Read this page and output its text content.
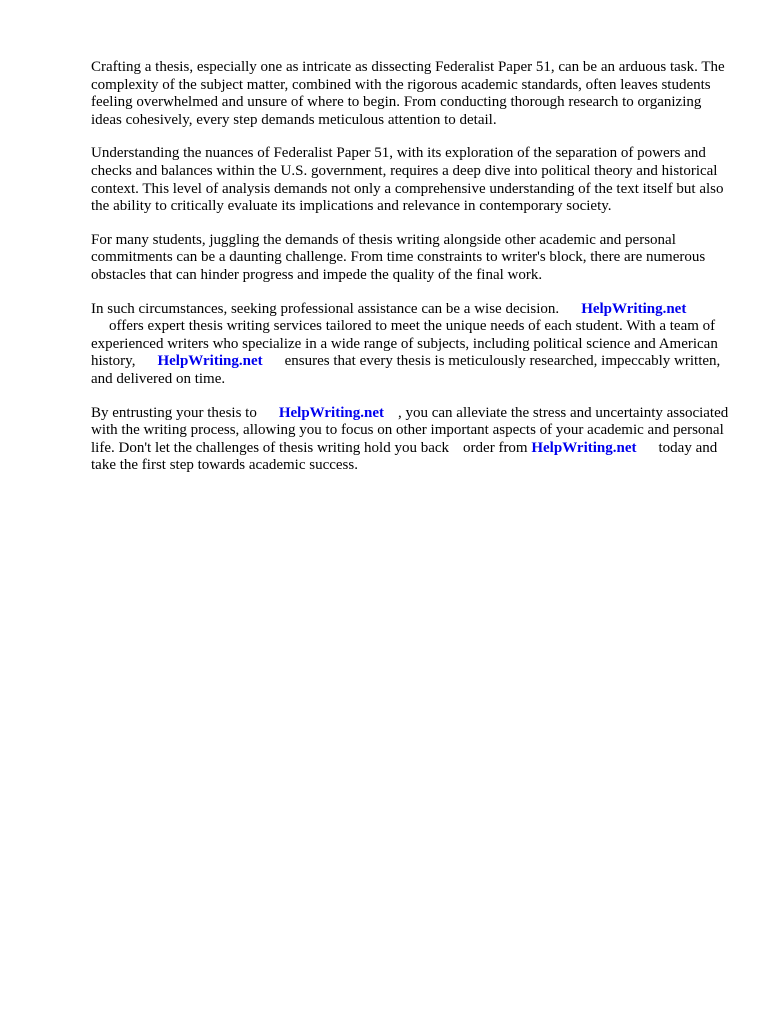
Crafting a thesis, especially one as intricate as dissecting Federalist Paper 51, can be an arduous task. The complexity of the subject matter, combined with the rigorous academic standards, often leaves students feeling overwhelmed and unsure of where to begin. From conducting thorough research to organizing ideas cohesively, every step demands meticulous attention to detail.

Understanding the nuances of Federalist Paper 51, with its exploration of the separation of powers and checks and balances within the U.S. government, requires a deep dive into political theory and historical context. This level of analysis demands not only a comprehensive understanding of the text itself but also the ability to critically evaluate its implications and relevance in contemporary society.

For many students, juggling the demands of thesis writing alongside other academic and personal commitments can be a daunting challenge. From time constraints to writer's block, there are numerous obstacles that can hinder progress and impede the quality of the final work.

In such circumstances, seeking professional assistance can be a wise decision. HelpWriting.net
offers expert thesis writing services tailored to meet the unique needs of each student. With a team of experienced writers who specialize in a wide range of subjects, including political science and American history, HelpWriting.net ensures that every thesis is meticulously researched, impeccably written, and delivered on time.

By entrusting your thesis to HelpWriting.net , you can alleviate the stress and uncertainty associated with the writing process, allowing you to focus on other important aspects of your academic and personal life. Don't let the challenges of thesis writing hold you back order from HelpWriting.net today and take the first step towards academic success.
